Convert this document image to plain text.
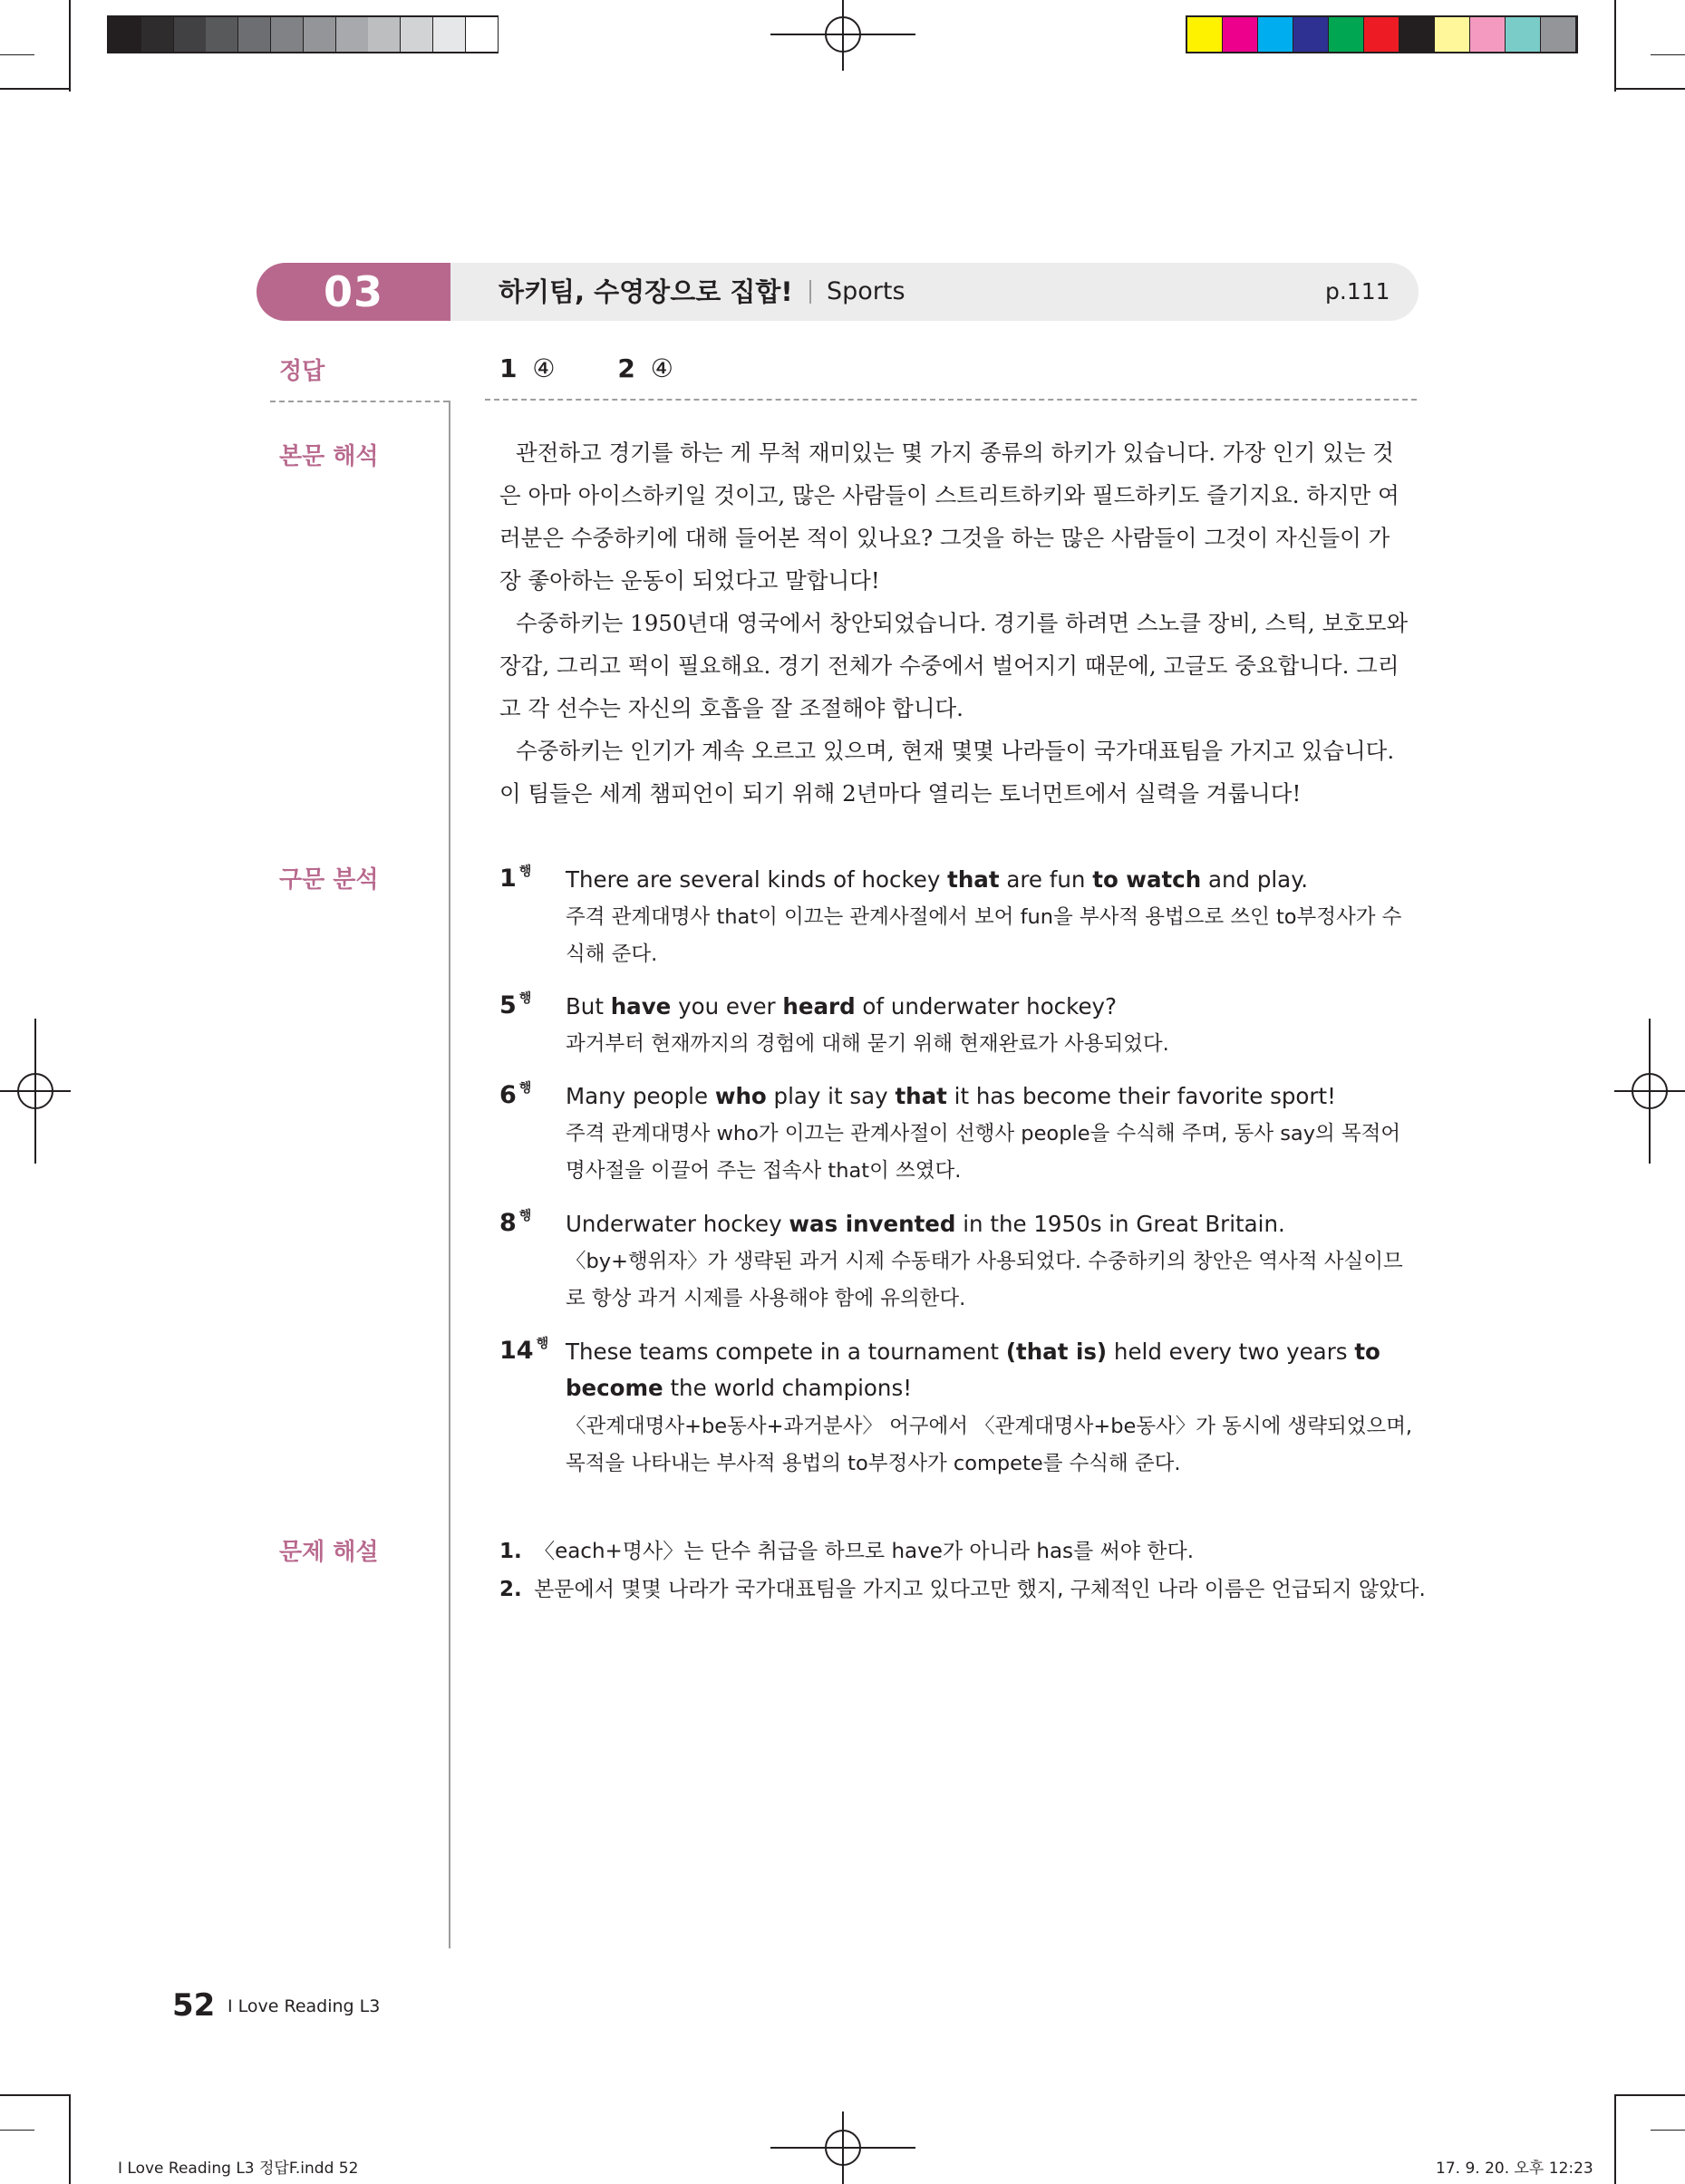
03	하키팀, 수영장으로 집합! Sports	p.111
정답	1 ④ 2 ④
본문 해석	관전하고 경기를 하는 게 무척 재미있는 몇 가지 종류의 하키가 있습니다. 가장 인기 있는 것은 아마 아이스하키일 것이고, 많은 사람들이 스트리트하키와 필드하키도 즐기지요. 하지만 여러분은 수중하키에 대해 들어본 적이 있나요? 그것을 하는 많은 사람들이 그것이 자신들이 가장 좋아하는 운동이 되었다고 말합니다!

수중하키는 1950년대 영국에서 창안되었습니다. 경기를 하려면 스노클 장비, 스틱, 보호모와 장갑, 그리고 퍽이 필요해요. 경기 전체가 수중에서 벌어지기 때문에, 고글도 중요합니다. 그리고 각 선수는 자신의 호흡을 잘 조절해야 합니다.

수중하키는 인기가 계속 오르고 있으며, 현재 몇몇 나라들이 국가대표팀을 가지고 있습니다. 이 팀들은 세계 챔피언이 되기 위해 2년마다 열리는 토너먼트에서 실력을 겨룹니다!

구문 분석	1 $^행$ There are several kinds of hockey that are fun to watch and play.
주격 관계대명사 that이 이끄는 관계사절에서 보어 fun을 부사적 용법으로 쓰인 to부정사가 수식해 준다.
5 $^행$ But have you ever heard of underwater hockey?
과거부터 현재까지의 경험에 대해 묻기 위해 현재완료가 사용되었다.
6 $^행$ Many people who play it say that it has become their favorite sport!
주격 관계대명사 who가 이끄는 관계사절이 선행사 people을 수식해 주며, 동사 say의 목적어 명사절을 이끌어 주는 접속사 that이 쓰였다.
8 $^행$ Underwater hockey was invented in the 1950s in Great Britain.
〈by+행위자〉가 생략된 과거 시제 수동태가 사용되었다. 수중하키의 창안은 역사적 사실이므로 항상 과거 시제를 사용해야 함에 유의한다.
14 $^행$ These teams compete in a tournament (that is) held every two years to become the world champions!
〈관계대명사+be동사+과거분사〉 어구에서 〈관계대명사+be동사〉가 동시에 생략되었으며, 목적을 나타내는 부사적 용법의 to부정사가 compete를 수식해 준다.
문제 해설	1. 〈each+명사〉는 단수 취급을 하므로 have가 아니라 has를 써야 한다.
2. 본문에서 몇몇 나라가 국가대표팀을 가지고 있다고만 했지, 구체적인 나라 이름은 언급되지 않았다.
52 I Love Reading L3
I Love Reading L3 정답F.indd 52	17. 9. 20. 오후 12:23
